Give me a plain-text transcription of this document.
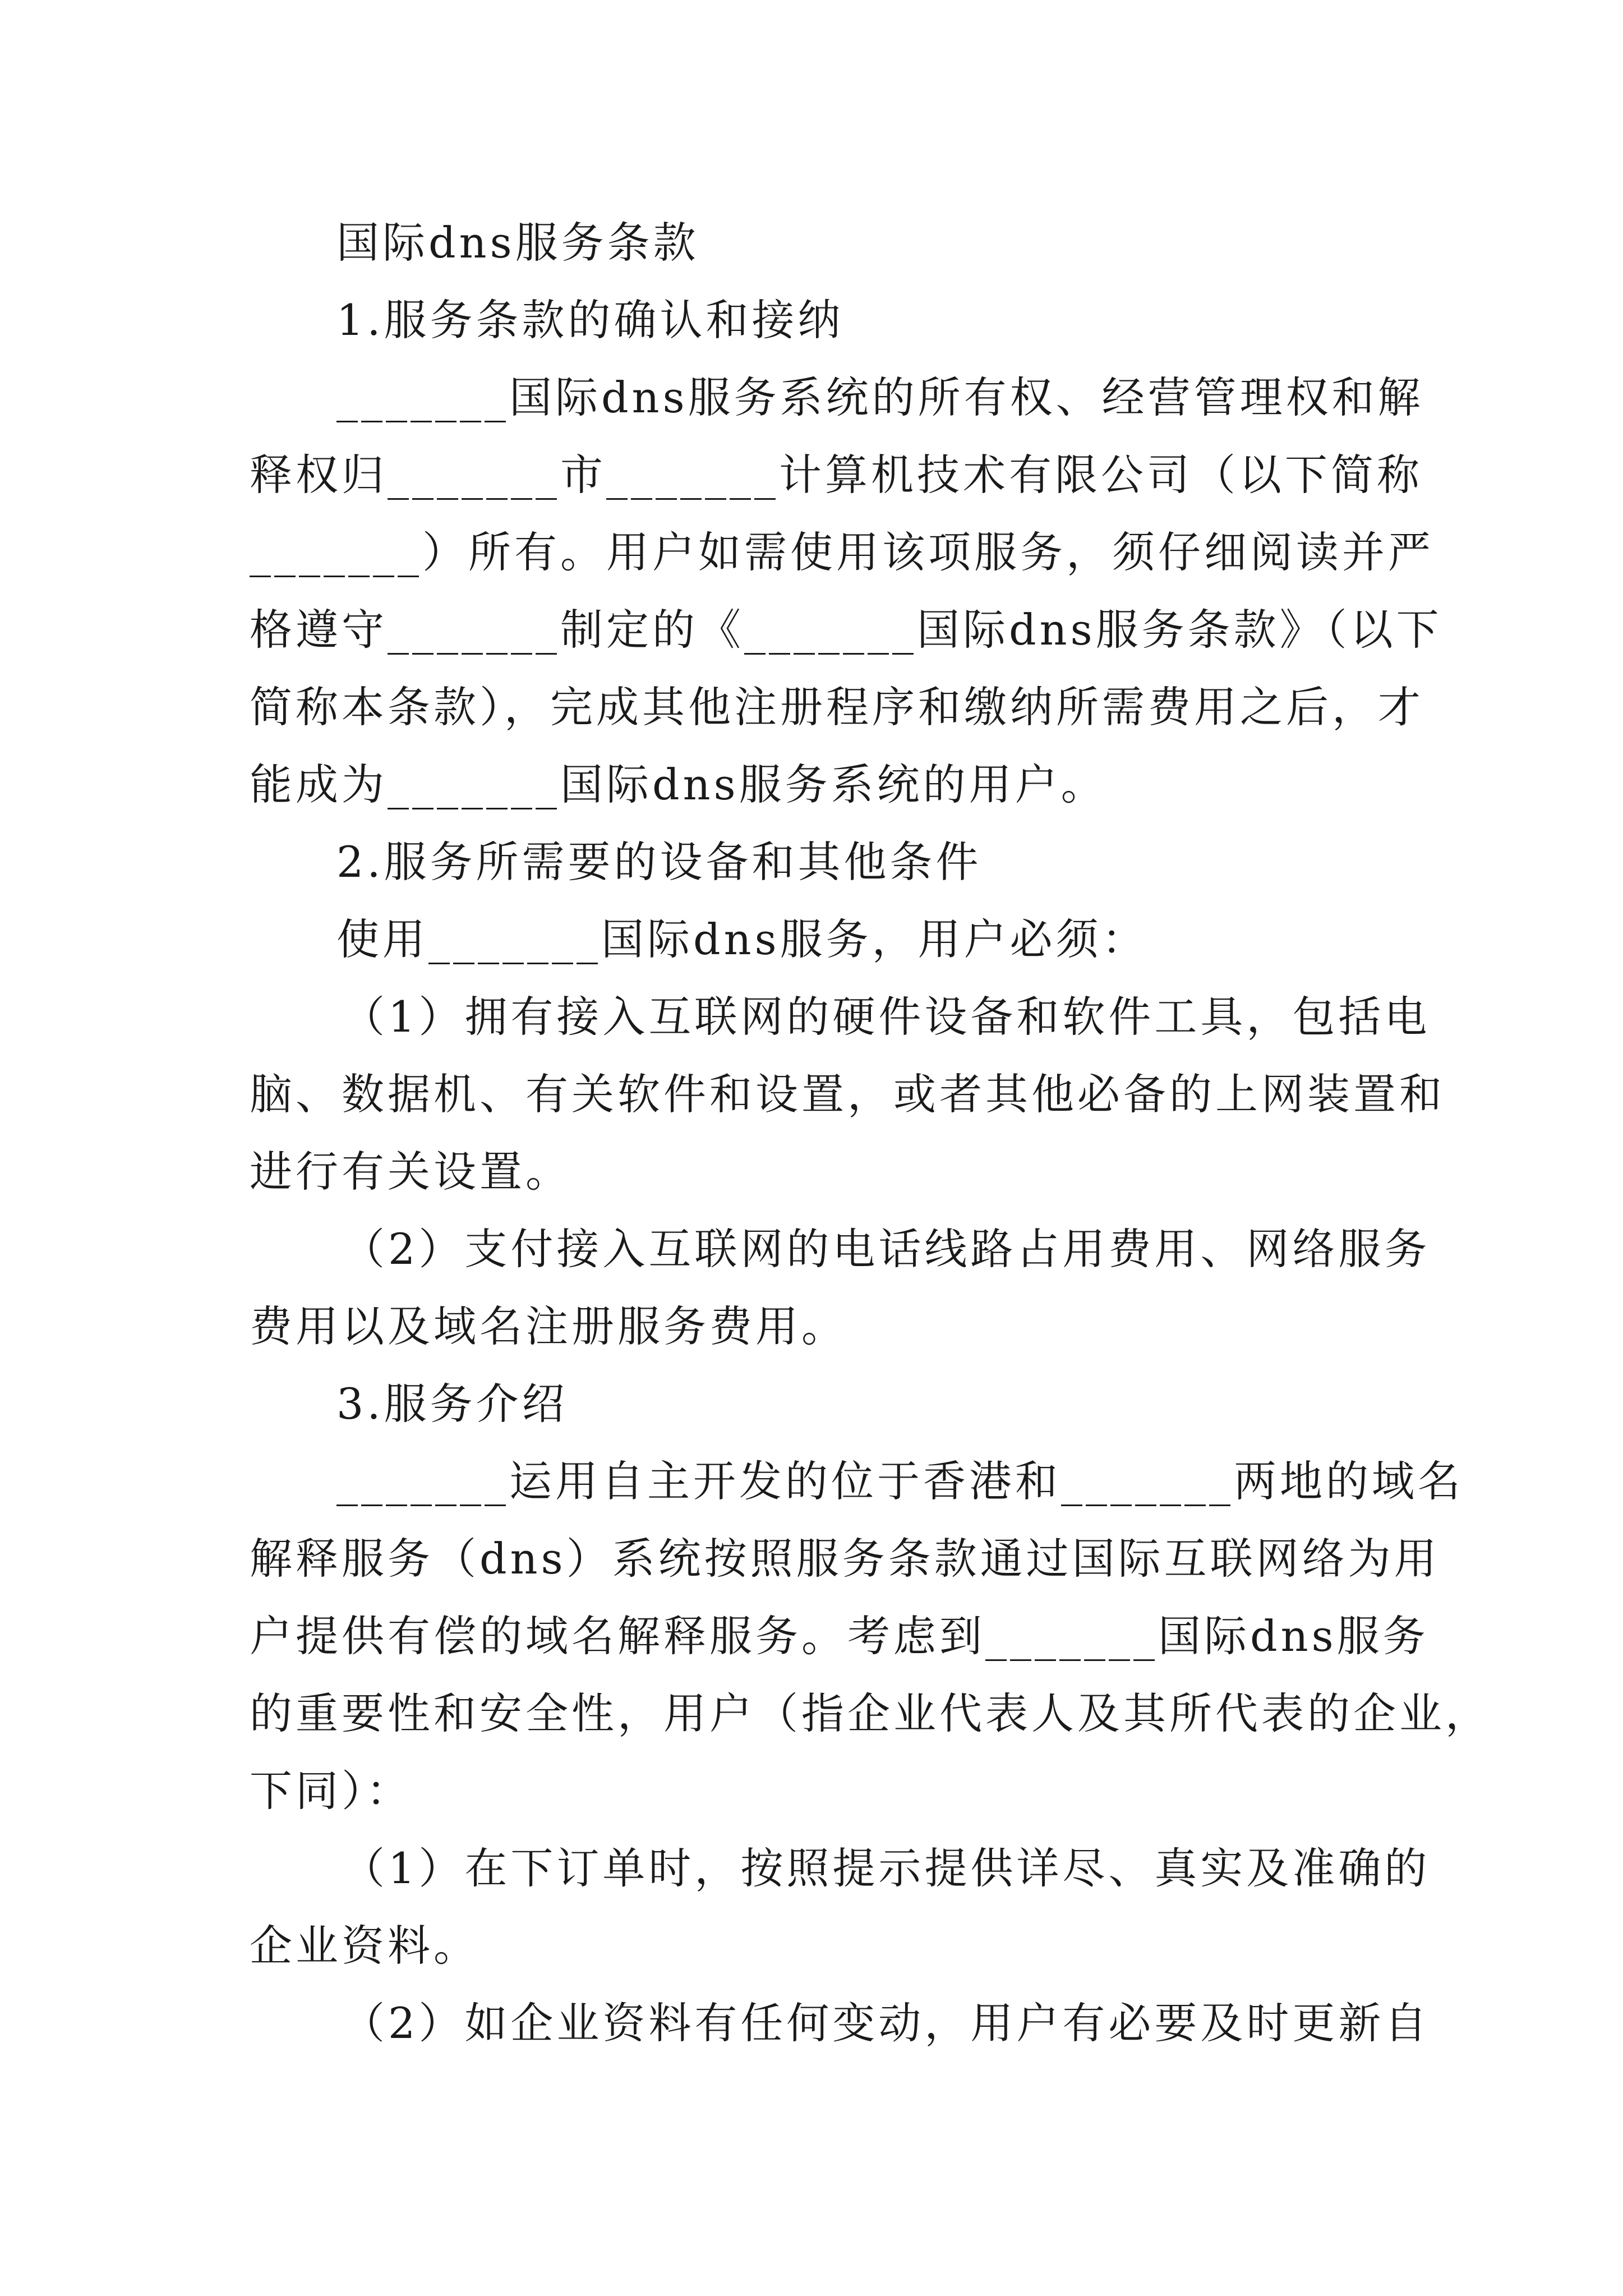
国际dns服务条款
1.服务条款的确认和接纳
_______国际dns服务系统的所有权、经营管理权和解
释权归_______市_______计算机技术有限公司（以下简称
_______）所有。用户如需使用该项服务，须仔细阅读并严
格遵守_______制定的《_______国际dns服务条款》（以下
简称本条款），完成其他注册程序和缴纳所需费用之后，才
能成为_______国际dns服务系统的用户。
2.服务所需要的设备和其他条件
使用_______国际dns服务，用户必须：
（1）拥有接入互联网的硬件设备和软件工具，包括电
脑、数据机、有关软件和设置，或者其他必备的上网装置和
进行有关设置。
（2）支付接入互联网的电话线路占用费用、网络服务
费用以及域名注册服务费用。
3.服务介绍
_______运用自主开发的位于香港和_______两地的域名
解释服务（dns）系统按照服务条款通过国际互联网络为用
户提供有偿的域名解释服务。考虑到_______国际dns服务
的重要性和安全性，用户（指企业代表人及其所代表的企业，
下同）：
（1）在下订单时，按照提示提供详尽、真实及准确的
企业资料。
（2）如企业资料有任何变动，用户有必要及时更新自
